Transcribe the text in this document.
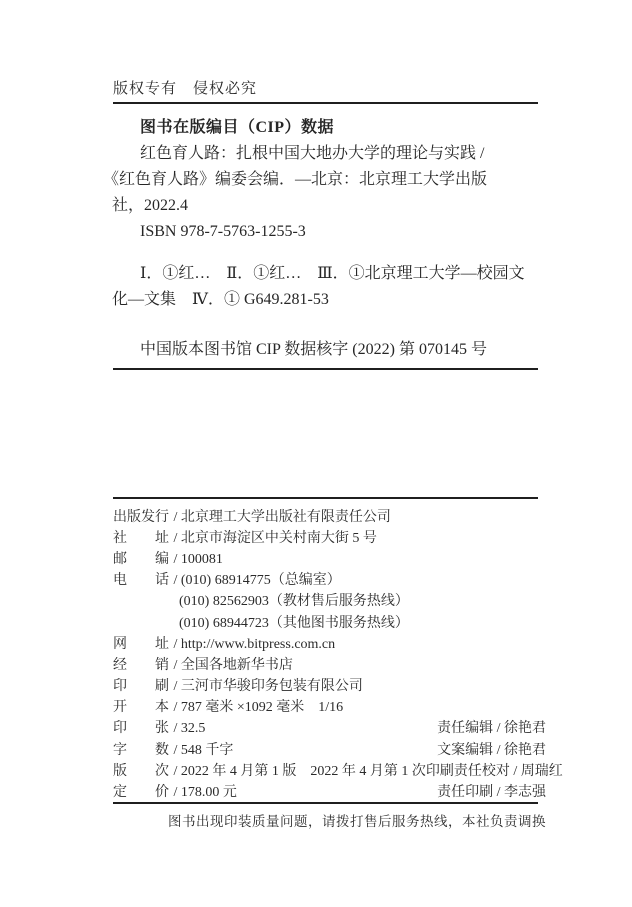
版权专有　侵权必究
图书在版编目（CIP）数据
红色育人路：扎根中国大地办大学的理论与实践 /
《红色育人路》编委会编．—北京：北京理工大学出版
社，2022.4
ISBN 978-7-5763-1255-3
Ⅰ．①红…　Ⅱ．①红…　Ⅲ．①北京理工大学—校园文
化—文集　Ⅳ．① G649.281-53
中国版本图书馆 CIP 数据核字 (2022) 第 070145 号
出版发行 / 北京理工大学出版社有限责任公司
社　　址 / 北京市海淀区中关村南大街 5 号
邮　　编 / 100081
电　　话 / (010) 68914775（总编室）
(010) 82562903（教材售后服务热线）
(010) 68944723（其他图书服务热线）
网　　址 / http://www.bitpress.com.cn
经　　销 / 全国各地新华书店
印　　刷 / 三河市华骏印务包装有限公司
开　　本 / 787 毫米 ×1092 毫米　1/16
印　　张 / 32.5	责任编辑 / 徐艳君
字　　数 / 548 千字	文案编辑 / 徐艳君
版　　次 / 2022 年 4 月第 1 版　2022 年 4 月第 1 次印刷 责任校对 / 周瑞红
定　　价 / 178.00 元	责任印刷 / 李志强
图书出现印装质量问题，请拨打售后服务热线，本社负责调换
